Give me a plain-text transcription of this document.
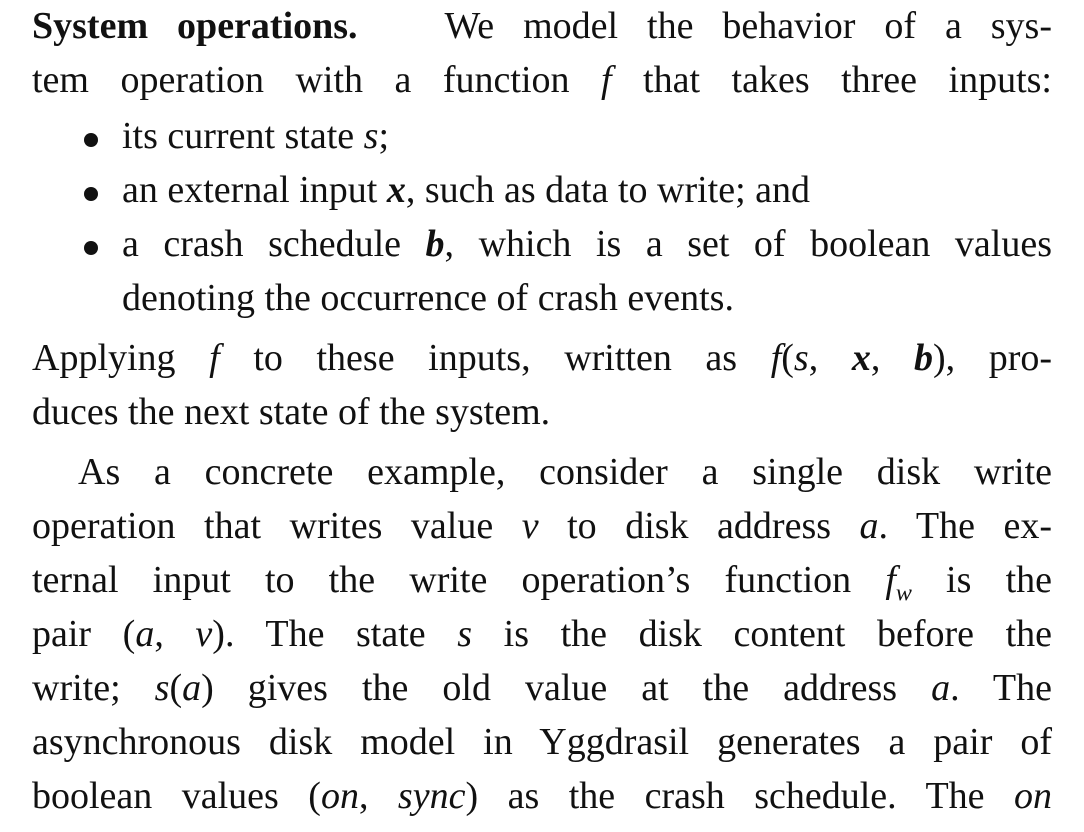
System operations. We model the behavior of a sys-
tem operation with a function f that takes three inputs:
its current state s;
an external input x, such as data to write; and
a crash schedule b, which is a set of boolean values
denoting the occurrence of crash events.
Applying f to these inputs, written as f(s, x, b), pro-
duces the next state of the system.
As a concrete example, consider a single disk write
operation that writes value v to disk address a. The ex-
ternal input to the write operation’s function $f_w$ is the
pair (a, v). The state s is the disk content before the
write; s(a) gives the old value at the address a. The
asynchronous disk model in Yggdrasil generates a pair of
boolean values (on, sync) as the crash schedule. The on
